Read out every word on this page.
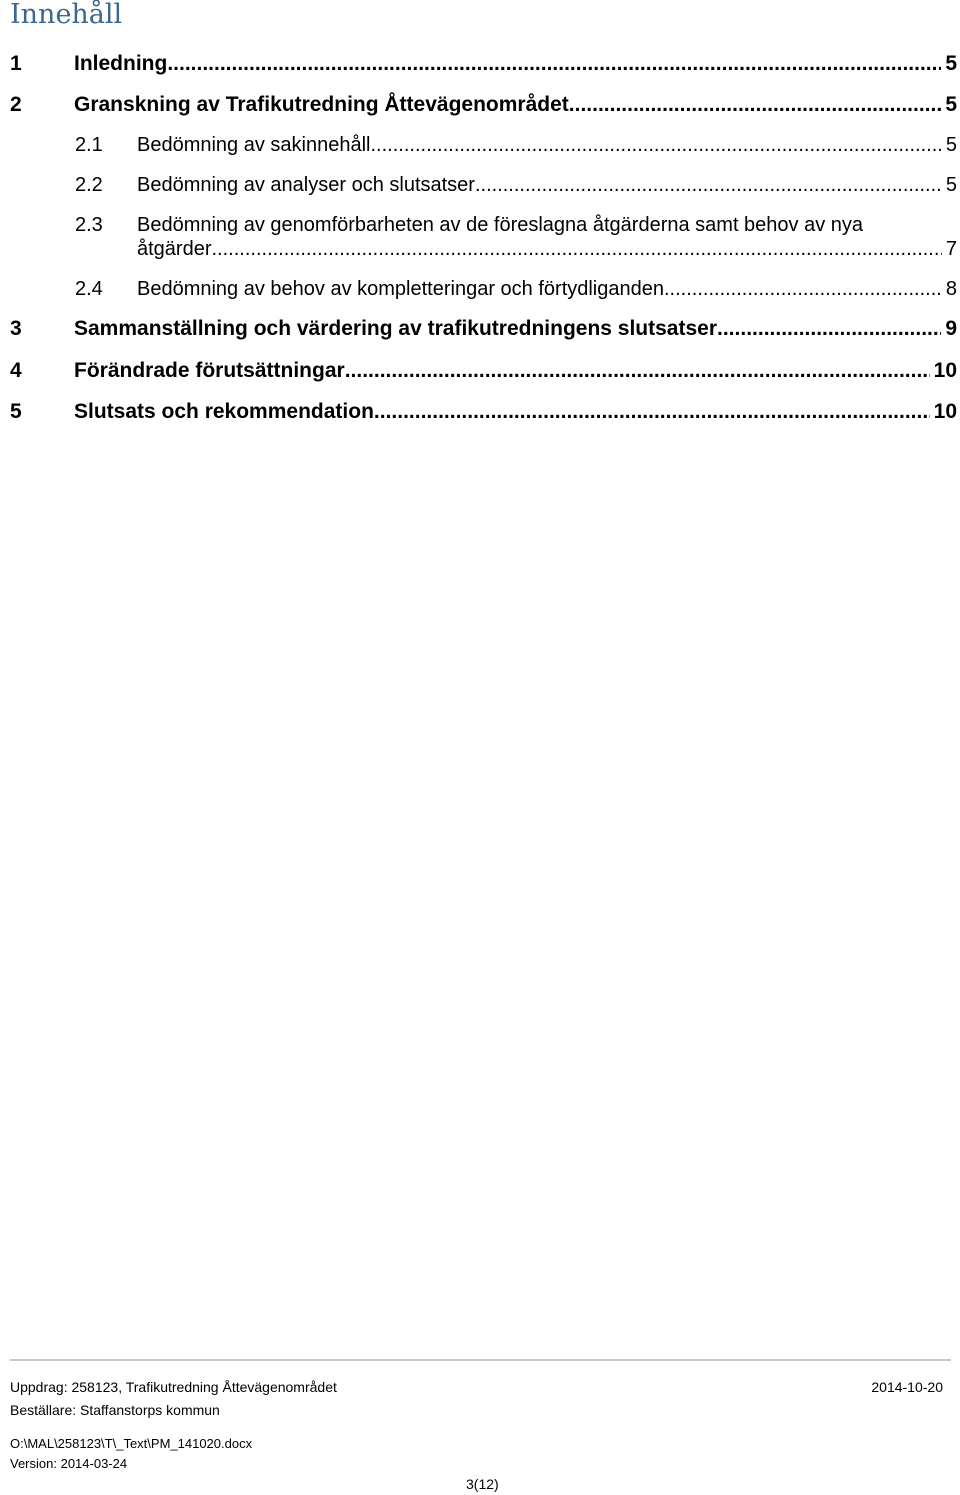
Innehåll
1 Inledning .....	5
2 Granskning av Trafikutredning Åttevägenområdet .....	5
2.1 Bedömning av sakinnehåll .....	5
2.2 Bedömning av analyser och slutsatser .....	5
2.3 Bedömning av genomförbarheten av de föreslagna åtgärderna samt behov av nya
åtgärder .....	7
2.4 Bedömning av behov av kompletteringar och förtydliganden .....	8
3 Sammanställning och värdering av trafikutredningens slutsatser .....	9
4 Förändrade förutsättningar .....	10
5 Slutsats och rekommendation .....	10
Uppdrag: 258123, Trafikutredning Åttevägenområdet	2014-10-20
Beställare: Staffanstorps kommun
O:\MAL\258123\T\_Text\PM_141020.docx
Version: 2014-03-24
3(12)
